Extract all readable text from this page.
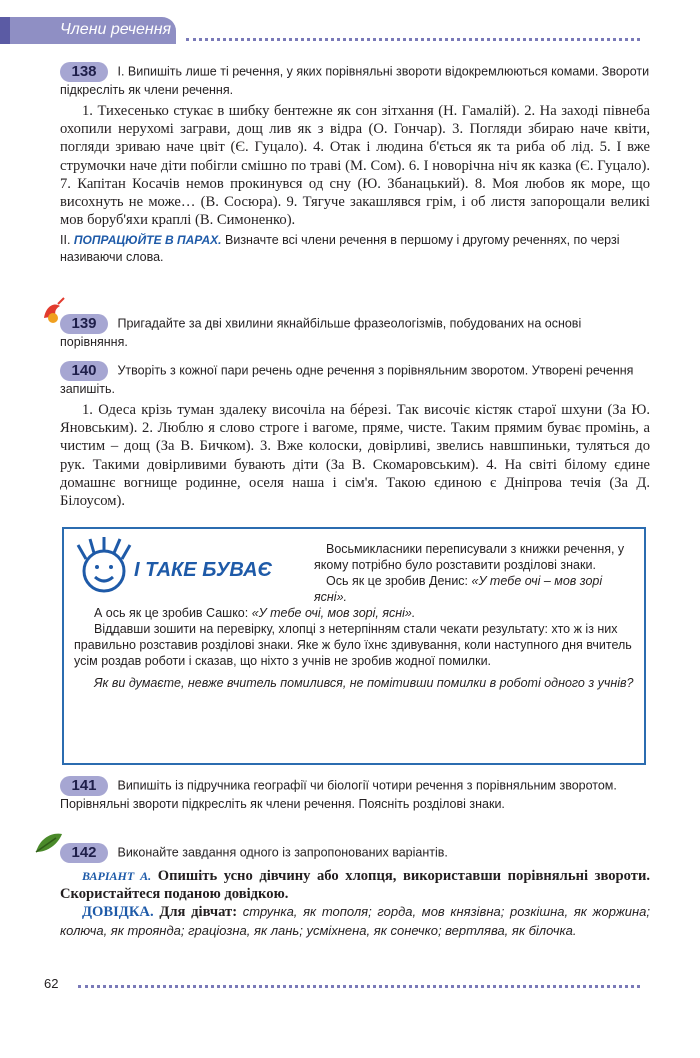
Члени речення
138 I. Випишіть лише ті речення, у яких порівняльні звороти відокремлюються комами. Звороти підкресліть як члени речення.
1. Тихесенько стукає в шибку бентежне як сон зітхання (Н. Гамалій). 2. На заході півнеба охопили нерухомі заграви, дощ лив як з відра (О. Гончар). 3. Погляди збираю наче квіти, погляди зриваю наче цвіт (Є. Гуцало). 4. Отак і людина б'ється як та риба об лід. 5. І вже струмочки наче діти побігли смішно по траві (М. Сом). 6. І новорічна ніч як казка (Є. Гуцало). 7. Капітан Косачів немов прокинувся од сну (Ю. Збанацький). 8. Моя любов як море, що висохнуть не може… (В. Сосюра). 9. Тягуче закашлявся грім, і об листя запорощали великі мов боруб'яхи краплі (В. Симоненко).
II. ПОПРАЦЮЙТЕ В ПАРАХ. Визначте всі члени речення в першому і другому реченнях, по черзі називаючи слова.
139 Пригадайте за дві хвилини якнайбільше фразеологізмів, побудованих на основі порівняння.
140 Утворіть з кожної пари речень одне речення з порівняльним зворотом. Утворені речення запишіть.
1. Одеса крізь туман здалеку височіла на бéрезі. Так височіє кістяк старої шхуни (За Ю. Яновським). 2. Люблю я слово строге і вагоме, пряме, чисте. Таким прямим буває промінь, а чистим – дощ (За В. Бичком). 3. Вже колоски, довірливі, звелись навшпиньки, туляться до рук. Такими довірливими бувають діти (За В. Скомаровським). 4. На світі білому єдине домашнє вогнище родинне, оселя наша і сім'я. Такою єдиною є Дніпрова течія (За Д. Білоусом).
І ТАКЕ БУВАЄ
Восьмикласники переписували з книжки речення, у якому потрібно було розставити розділові знаки.
Ось як це зробив Денис: «У тебе очі – мов зорі ясні».
А ось як це зробив Сашко: «У тебе очі, мов зорі, ясні».
Віддавши зошити на перевірку, хлопці з нетерпінням стали чекати результату: хто ж із них правильно розставив розділові знаки. Яке ж було їхнє здивування, коли наступного дня вчитель усім роздав роботи і сказав, що ніхто з учнів не зробив жодної помилки.
Як ви думаєте, невже вчитель помилився, не помітивши помилки в роботі одного з учнів?
141 Випишіть із підручника географії чи біології чотири речення з порівняльним зворотом. Порівняльні звороти підкресліть як члени речення. Поясніть розділові знаки.
142 Виконайте завдання одного із запропонованих варіантів.
ВАРІАНТ А. Опишіть усно дівчину або хлопця, використавши порівняльні звороти. Скористайтеся поданою довідкою.
ДОВІДКА. Для дівчат: струнка, як тополя; горда, мов князівна; розкішна, як жоржина; колюча, як троянда; граціозна, як лань; усміхнена, як сонечко; вертлява, як білочка.
62
